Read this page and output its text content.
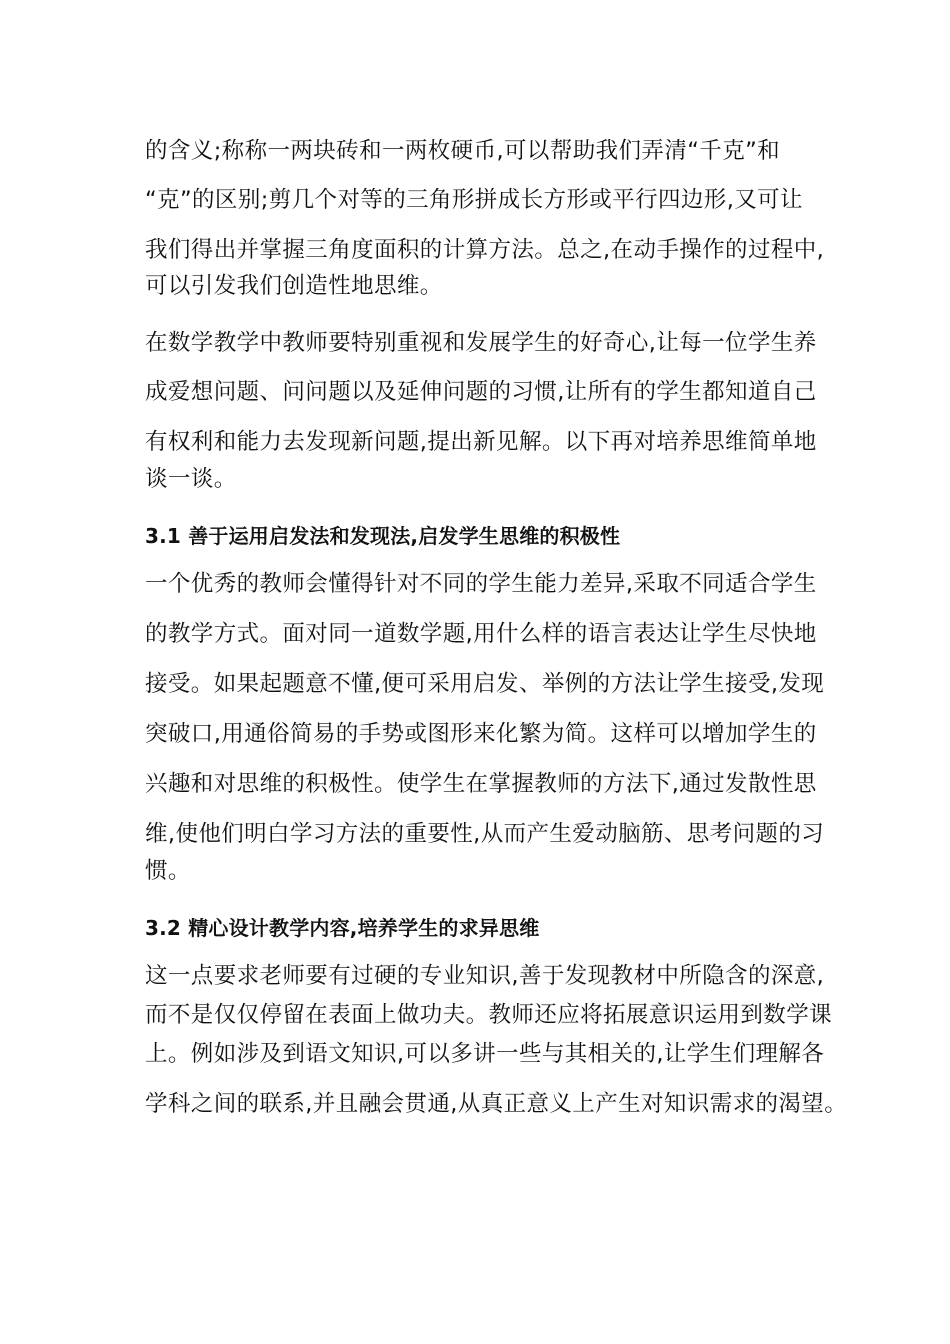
的含义;称称一两块砖和一两枚硬币,可以帮助我们弄清“千克”和
“克”的区别;剪几个对等的三角形拼成长方形或平行四边形,又可让
我们得出并掌握三角度面积的计算方法。总之,在动手操作的过程中,
可以引发我们创造性地思维。
在数学教学中教师要特别重视和发展学生的好奇心,让每一位学生养
成爱想问题、问问题以及延伸问题的习惯,让所有的学生都知道自己
有权利和能力去发现新问题,提出新见解。以下再对培养思维简单地
谈一谈。
3.1 善于运用启发法和发现法,启发学生思维的积极性
一个优秀的教师会懂得针对不同的学生能力差异,采取不同适合学生
的教学方式。面对同一道数学题,用什么样的语言表达让学生尽快地
接受。如果起题意不懂,便可采用启发、举例的方法让学生接受,发现
突破口,用通俗简易的手势或图形来化繁为简。这样可以增加学生的
兴趣和对思维的积极性。使学生在掌握教师的方法下,通过发散性思
维,使他们明白学习方法的重要性,从而产生爱动脑筋、思考问题的习
惯。
3.2 精心设计教学内容,培养学生的求异思维
这一点要求老师要有过硬的专业知识,善于发现教材中所隐含的深意,
而不是仅仅停留在表面上做功夫。教师还应将拓展意识运用到数学课
上。例如涉及到语文知识,可以多讲一些与其相关的,让学生们理解各
学科之间的联系,并且融会贯通,从真正意义上产生对知识需求的渴望。
